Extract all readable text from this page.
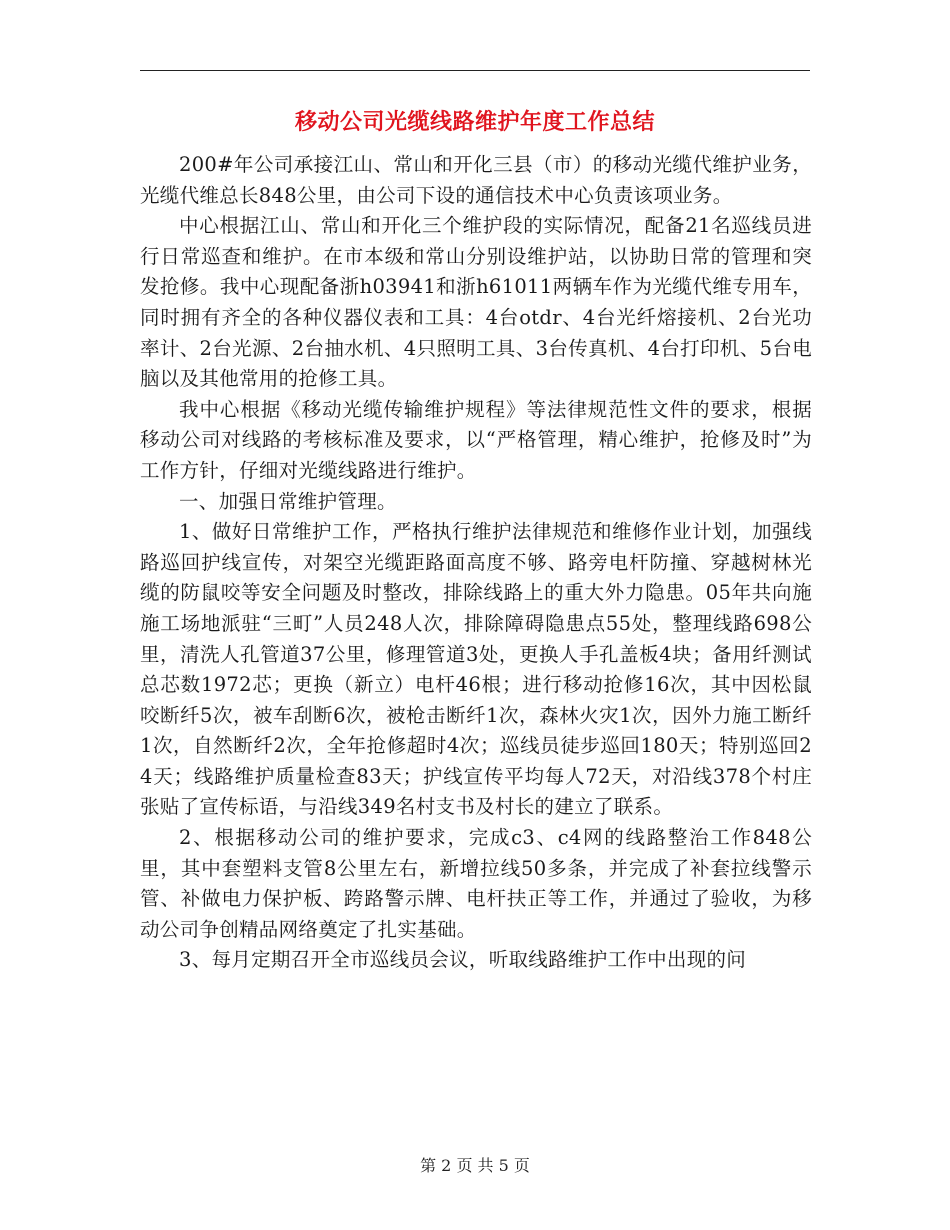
移动公司光缆线路维护年度工作总结

200#年公司承接江山、常山和开化三县（市）的移动光缆代维护业务，光缆代维总长848公里，由公司下设的通信技术中心负责该项业务。

中心根据江山、常山和开化三个维护段的实际情况，配备21名巡线员进行日常巡查和维护。在市本级和常山分别设维护站，以协助日常的管理和突发抢修。我中心现配备浙h03941和浙h61011两辆车作为光缆代维专用车，同时拥有齐全的各种仪器仪表和工具：4台otdr、4台光纤熔接机、2台光功率计、2台光源、2台抽水机、4只照明工具、3台传真机、4台打印机、5台电脑以及其他常用的抢修工具。

我中心根据《移动光缆传输维护规程》等法律规范性文件的要求，根据移动公司对线路的考核标准及要求，以“严格管理，精心维护，抢修及时”为工作方针，仔细对光缆线路进行维护。

一、加强日常维护管理。

1、做好日常维护工作，严格执行维护法律规范和维修作业计划，加强线路巡回护线宣传，对架空光缆距路面高度不够、路旁电杆防撞、穿越树林光缆的防鼠咬等安全问题及时整改，排除线路上的重大外力隐患。05年共向施施工场地派驻“三町”人员248人次，排除障碍隐患点55处，整理线路698公里，清洗人孔管道37公里，修理管道3处，更换人手孔盖板4块；备用纤测试总芯数1972芯；更换（新立）电杆46根；进行移动抢修16次，其中因松鼠咬断纤5次，被车刮断6次，被枪击断纤1次，森林火灾1次，因外力施工断纤1次，自然断纤2次，全年抢修超时4次；巡线员徒步巡回180天；特别巡回24天；线路维护质量检查83天；护线宣传平均每人72天，对沿线378个村庄张贴了宣传标语，与沿线349名村支书及村长的建立了联系。

2、根据移动公司的维护要求，完成c3、c4网的线路整治工作848公里，其中套塑料支管8公里左右，新增拉线50多条，并完成了补套拉线警示管、补做电力保护板、跨路警示牌、电杆扶正等工作，并通过了验收，为移动公司争创精品网络奠定了扎实基础。

3、每月定期召开全市巡线员会议，听取线路维护工作中出现的问

第 2 页 共 5 页
